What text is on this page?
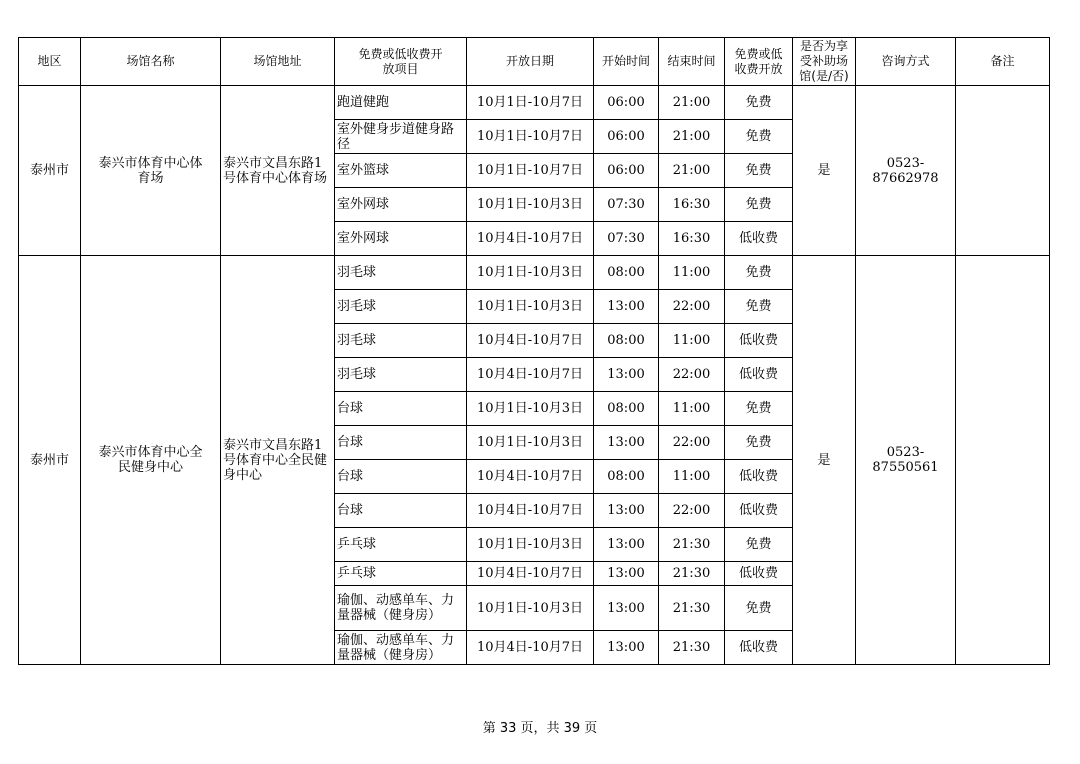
地区	场馆名称	场馆地址	免费或低收费开放项目	开放日期	开始时间	结束时间	免费或低收费开放	是否为享受补助场馆(是/否)	咨询方式	备注
泰州市	泰兴市体育中心体育场	泰兴市文昌东路1号体育中心体育场	跑道健跑	10月1日-10月7日	06:00	21:00	免费	是	0523-87662978	
			室外健身步道健身路径	10月1日-10月7日	06:00	21:00	免费			
			室外篮球	10月1日-10月7日	06:00	21:00	免费			
			室外网球	10月1日-10月3日	07:30	16:30	免费			
			室外网球	10月4日-10月7日	07:30	16:30	低收费			
泰州市	泰兴市体育中心全民健身中心	泰兴市文昌东路1号体育中心全民健身中心	羽毛球	10月1日-10月3日	08:00	11:00	免费	是	0523-87550561	
			羽毛球	10月1日-10月3日	13:00	22:00	免费			
			羽毛球	10月4日-10月7日	08:00	11:00	低收费			
			羽毛球	10月4日-10月7日	13:00	22:00	低收费			
			台球	10月1日-10月3日	08:00	11:00	免费			
			台球	10月1日-10月3日	13:00	22:00	免费			
			台球	10月4日-10月7日	08:00	11:00	低收费			
			台球	10月4日-10月7日	13:00	22:00	低收费			
			乒乓球	10月1日-10月3日	13:00	21:30	免费			
			乒乓球	10月4日-10月7日	13:00	21:30	低收费			
			瑜伽、动感单车、力量器械（健身房）	10月1日-10月3日	13:00	21:30	免费			
			瑜伽、动感单车、力量器械（健身房）	10月4日-10月7日	13:00	21:30	低收费			
第 33 页，共 39 页
